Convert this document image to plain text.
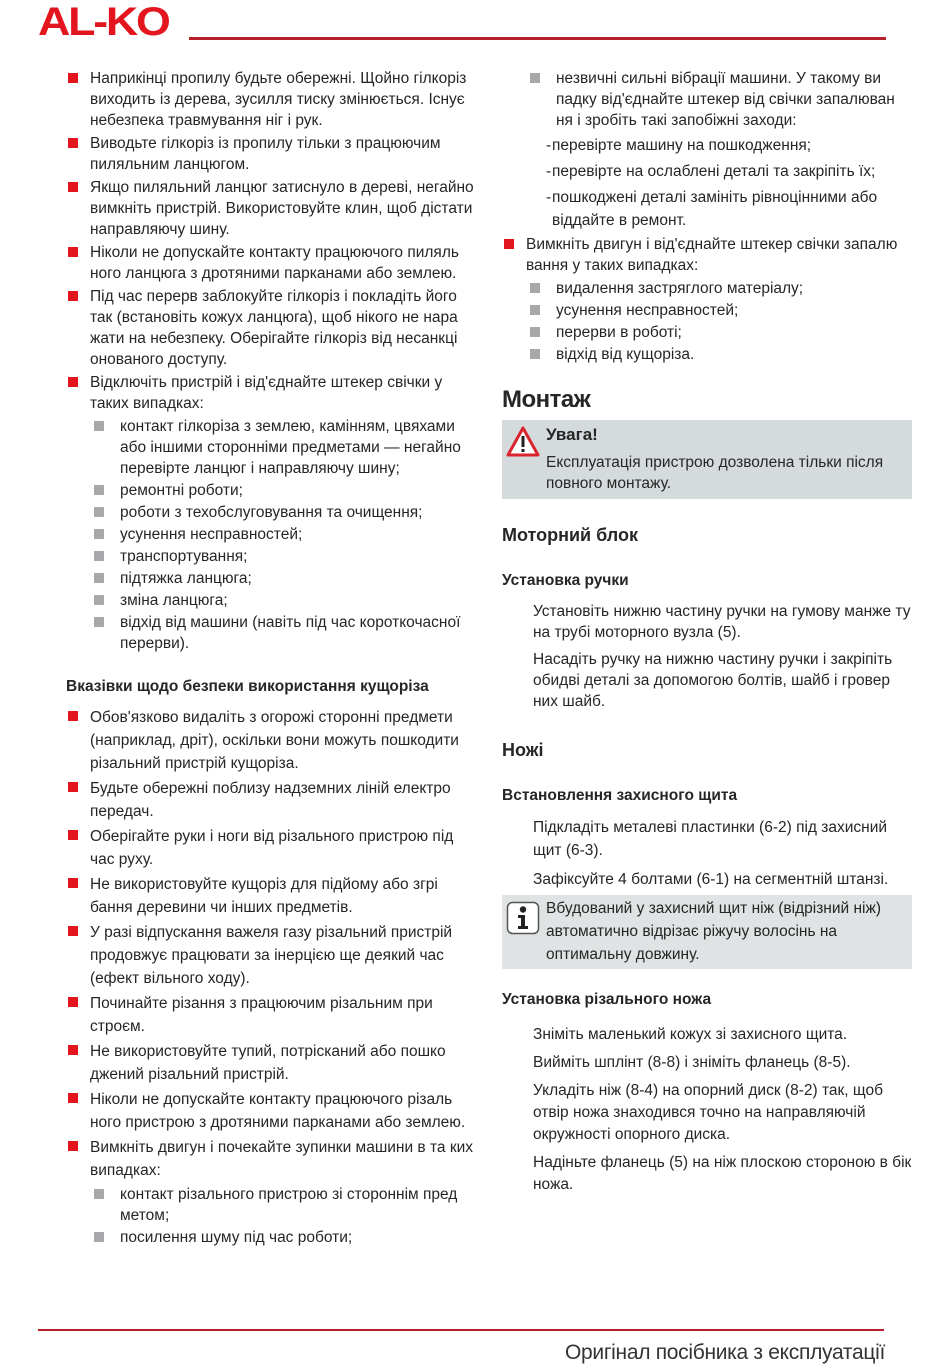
AL-KO
Наприкінці пропилу будьте обережні. Щойно гілкоріз виходить із дерева, зусилля тиску змінюється. Існує небезпека травмування ніг і рук.
Виводьте гілкоріз із пропилу тільки з працюючим пиляльним ланцюгом.
Якщо пиляльний ланцюг затиснуло в дереві, негайно вимкніть пристрій. Використовуйте клин, щоб дістати направляючу шину.
Ніколи не допускайте контакту працюючого пиляль ного ланцюга з дротяними парканами або землею.
Під час перерв заблокуйте гілкоріз і покладіть його так (встановіть кожух ланцюга), щоб нікого не нара жати на небезпеку. Оберігайте гілкоріз від несанкці онованого доступу.
Відключіть пристрій і від'єднайте штекер свічки у таких випадках:
контакт гілкоріза з землею, камінням, цвяхами або іншими сторонніми предметами — негайно перевірте ланцюг і направляючу шину;
ремонтні роботи;
роботи з техобслуговування та очищення;
усунення несправностей;
транспортування;
підтяжка ланцюга;
зміна ланцюга;
відхід від машини (навіть під час короткочасної перерви).
Вказівки щодо безпеки використання кущоріза
Обов'язково видаліть з огорожі сторонні предмети (наприклад, дріт), оскільки вони можуть пошкодити різальний пристрій кущоріза.
Будьте обережні поблизу надземних ліній електро передач.
Оберігайте руки і ноги від різального пристрою під час руху.
Не використовуйте кущоріз для підйому або згрі бання деревини чи інших предметів.
У разі відпускання важеля газу різальний пристрій продовжує працювати за інерцією ще деякий час (ефект вільного ходу).
Починайте різання з працюючим різальним при строєм.
Не використовуйте тупий, потрісканий або пошко джений різальний пристрій.
Ніколи не допускайте контакту працюючого різаль ного пристрою з дротяними парканами або землею.
Вимкніть двигун і почекайте зупинки машини в та ких випадках:
контакт різального пристрою зі стороннім пред метом;
посилення шуму під час роботи;
незвичні сильні вібрації машини. У такому ви падку від'єднайте штекер від свічки запалюван ня і зробіть такі запобіжні заходи:
- перевірте машину на пошкодження;
- перевірте на ослаблені деталі та закріпіть їх;
- пошкоджені деталі замініть рівноцінними або віддайте в ремонт.
Вимкніть двигун і від'єднайте штекер свічки запалю вання у таких випадках:
видалення застряглого матеріалу;
усунення несправностей;
перерви в роботі;
відхід від кущоріза.
Монтаж
Увага!
Експлуатація пристрою дозволена тільки після повного монтажу.
Моторний блок
Установка ручки

Установіть нижню частину ручки на гумову манже ту на трубі моторного вузла (5).

Насадіть ручку на нижню частину ручки і закріпіть обидві деталі за допомогою болтів, шайб і гровер них шайб.

Ножі
Встановлення захисного щита

Підкладіть металеві пластинки (6-2) під захисний щит (6-3).

Зафіксуйте 4 болтами (6-1) на сегментній штанзі.

Вбудований у захисний щит ніж (відрізний ніж) автоматично відрізає ріжучу волосінь на оптимальну довжину.
Установка різального ножа

Зніміть маленький кожух зі захисного щита.

Вийміть шплінт (8-8) і зніміть фланець (8-5).

Укладіть ніж (8-4) на опорний диск (8-2) так, щоб отвір ножа знаходився точно на направляючій окружності опорного диска.

Надіньте фланець (5) на ніж плоскою стороною в бік ножа.

Оригінал посібника з експлуатації
